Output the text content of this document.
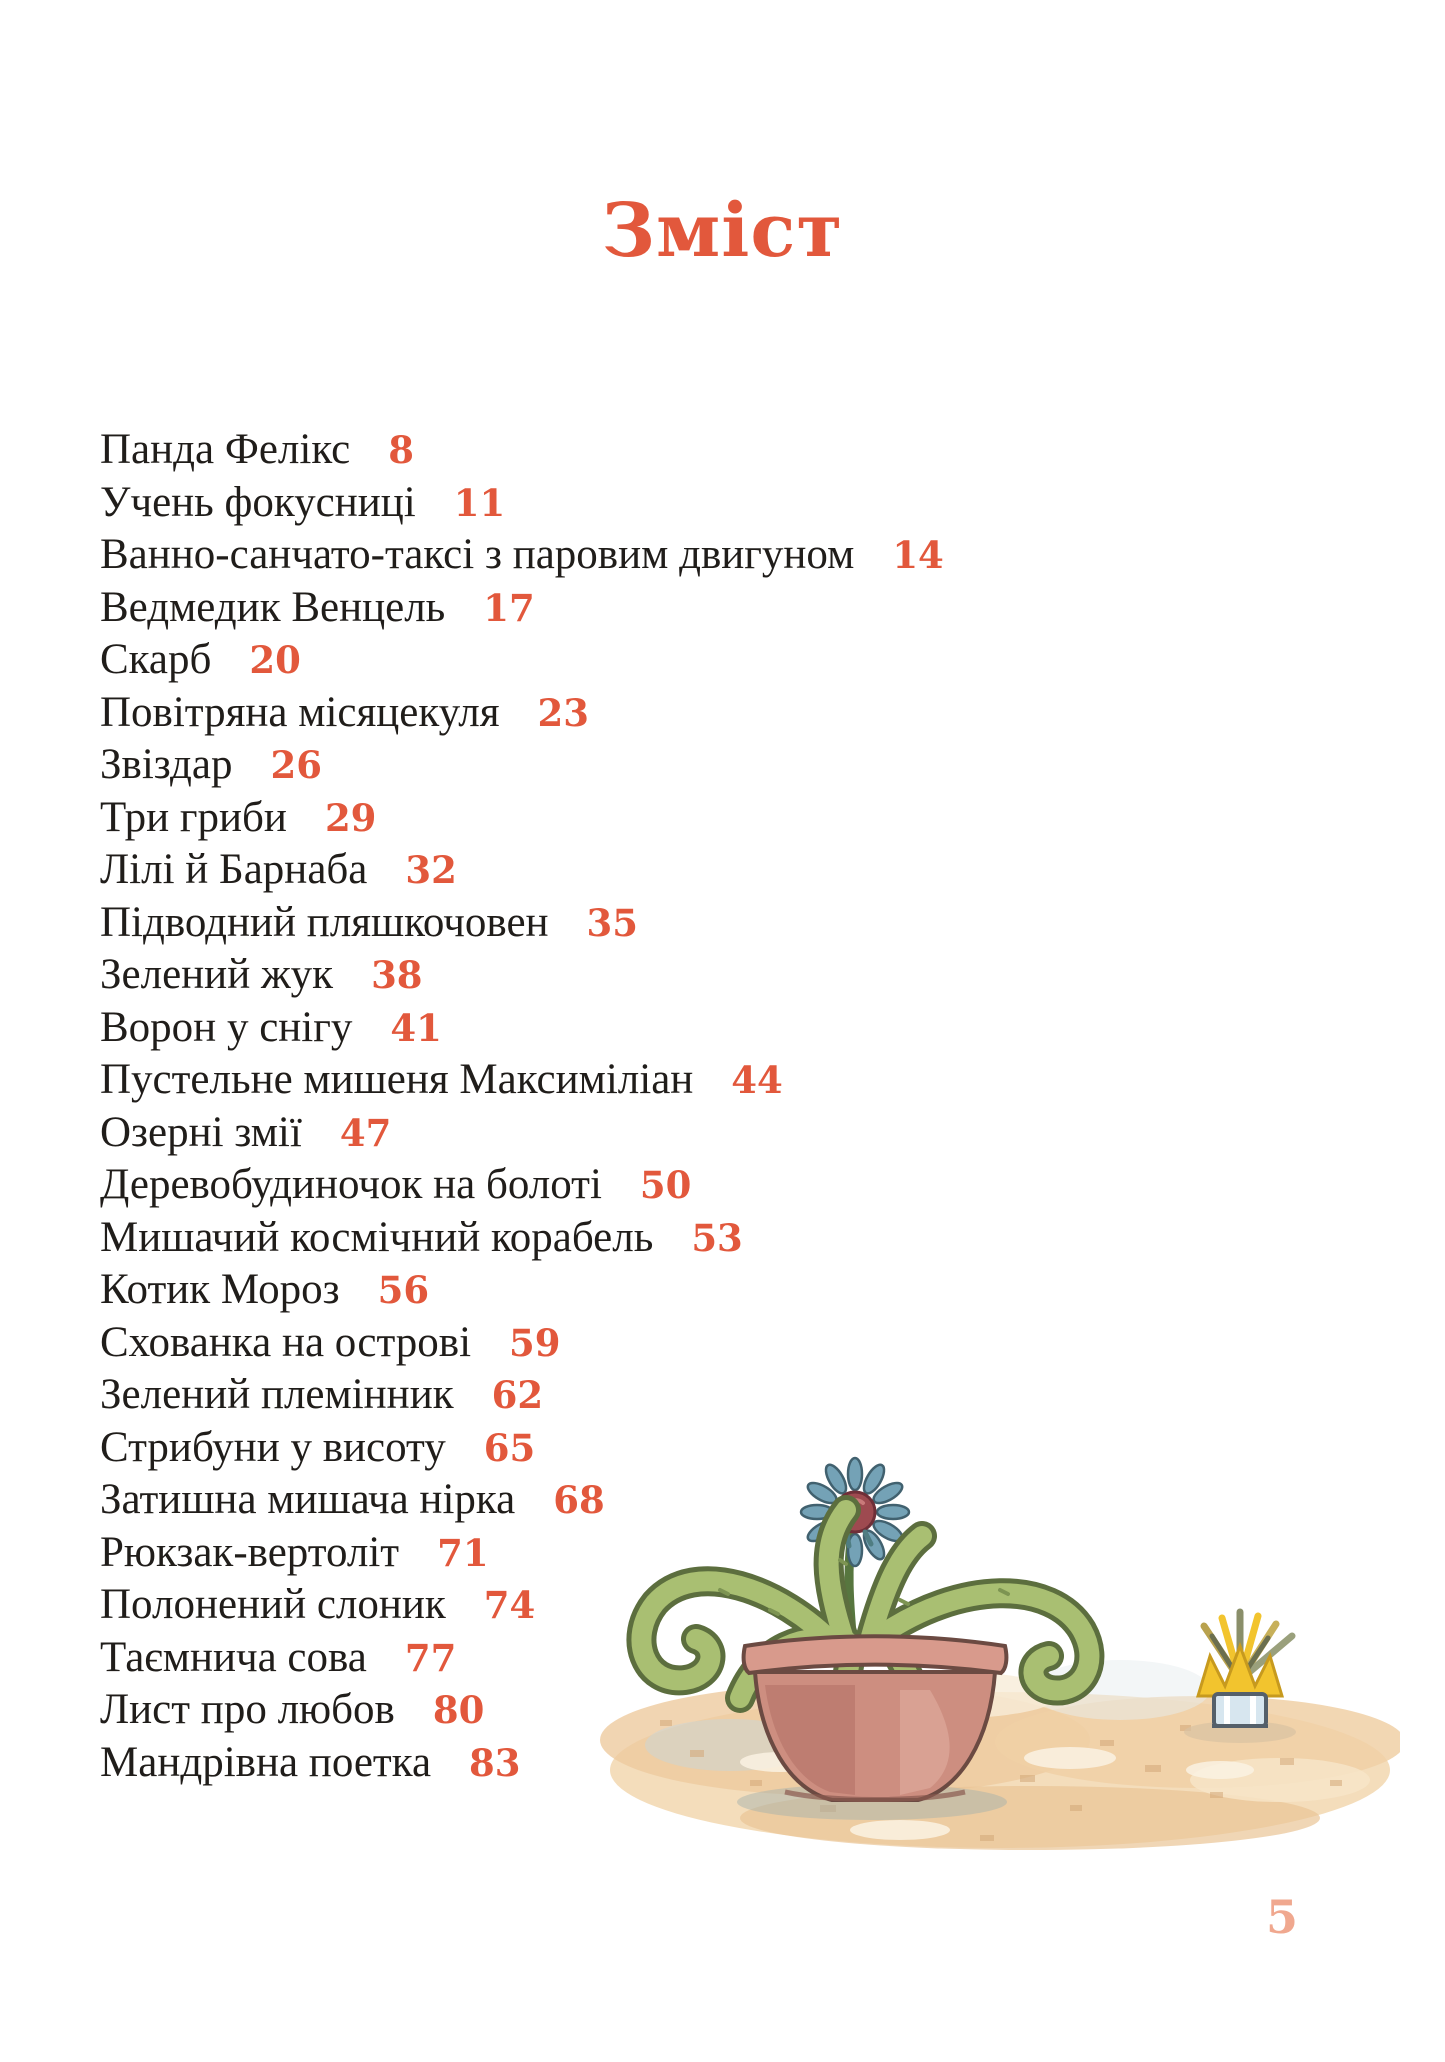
Зміст
Панда Фелікс 8
Учень фокусниці 11
Ванно-санчато-таксі з паровим двигуном 14
Ведмедик Венцель 17
Скарб 20
Повітряна місяцекуля 23
Звіздар 26
Три гриби 29
Лілі й Барнаба 32
Підводний пляшкочовен 35
Зелений жук 38
Ворон у снігу 41
Пустельне мишеня Максиміліан 44
Озерні змії 47
Деревобудиночок на болоті 50
Мишачий космічний корабель 53
Котик Мороз 56
Схованка на острові 59
Зелений племінник 62
Стрибуни у висоту 65
Затишна мишача нірка 68
Рюкзак-вертоліт 71
Полонений слоник 74
Таємнича сова 77
Лист про любов 80
Мандрівна поетка 83
5
